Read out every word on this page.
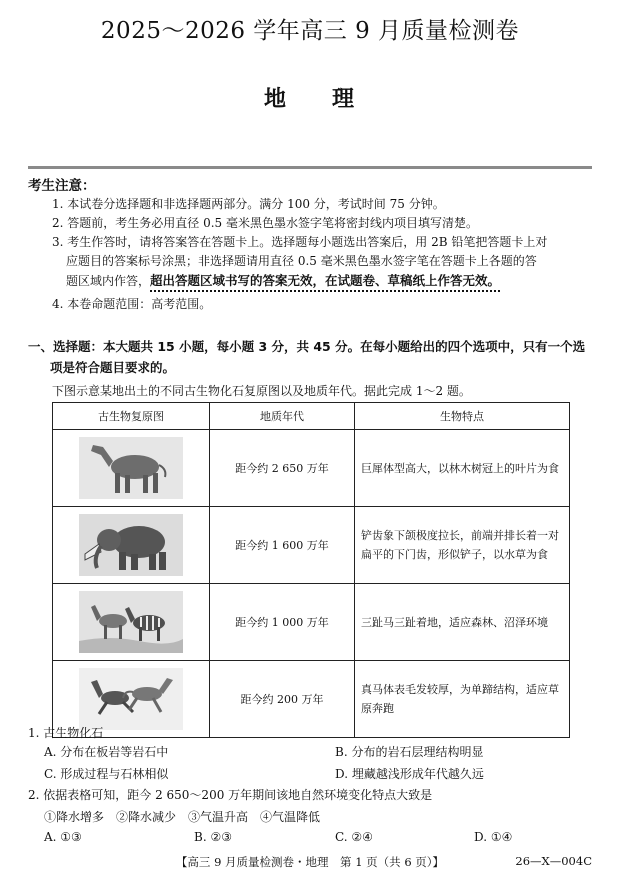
2025～2026 学年高三 9 月质量检测卷
地 理
考生注意：
1. 本试卷分选择题和非选择题两部分。满分 100 分，考试时间 75 分钟。
2. 答题前，考生务必用直径 0.5 毫米黑色墨水签字笔将密封线内项目填写清楚。
3. 考生作答时，请将答案答在答题卡上。选择题每小题选出答案后，用 2B 铅笔把答题卡上对
应题目的答案标号涂黑；非选择题请用直径 0.5 毫米黑色墨水签字笔在答题卡上各题的答
题区域内作答，超出答题区域书写的答案无效，在试题卷、草稿纸上作答无效。
4. 本卷命题范围：高考范围。
一、选择题：本大题共 15 小题，每小题 3 分，共 45 分。在每小题给出的四个选项中，只有一个选
项是符合题目要求的。
下图示意某地出土的不同古生物化石复原图以及地质年代。据此完成 1～2 题。
古生物复原图	地质年代	生物特点

	距今约 2 650 万年	巨犀体型高大，以林木树冠上的叶片为食

	距今约 1 600 万年	铲齿象下颌极度拉长，前端并排长着一对扁平的下门齿，形似铲子，以水草为食

	距今约 1 000 万年	三趾马三趾着地，适应森林、沼泽环境

	距今约 200 万年	真马体表毛发较厚，为单蹄结构，适应草原奔跑
1. 古生物化石
A. 分布在板岩等岩石中	B. 分布的岩石层理结构明显
C. 形成过程与石林相似	D. 埋藏越浅形成年代越久远
2. 依据表格可知，距今 2 650～200 万年期间该地自然环境变化特点大致是
①降水增多　②降水减少　③气温升高　④气温降低
A. ①③	B. ②③	C. ②④	D. ①④
【高三 9 月质量检测卷・地理　第 1 页（共 6 页）】	26—X—004C
